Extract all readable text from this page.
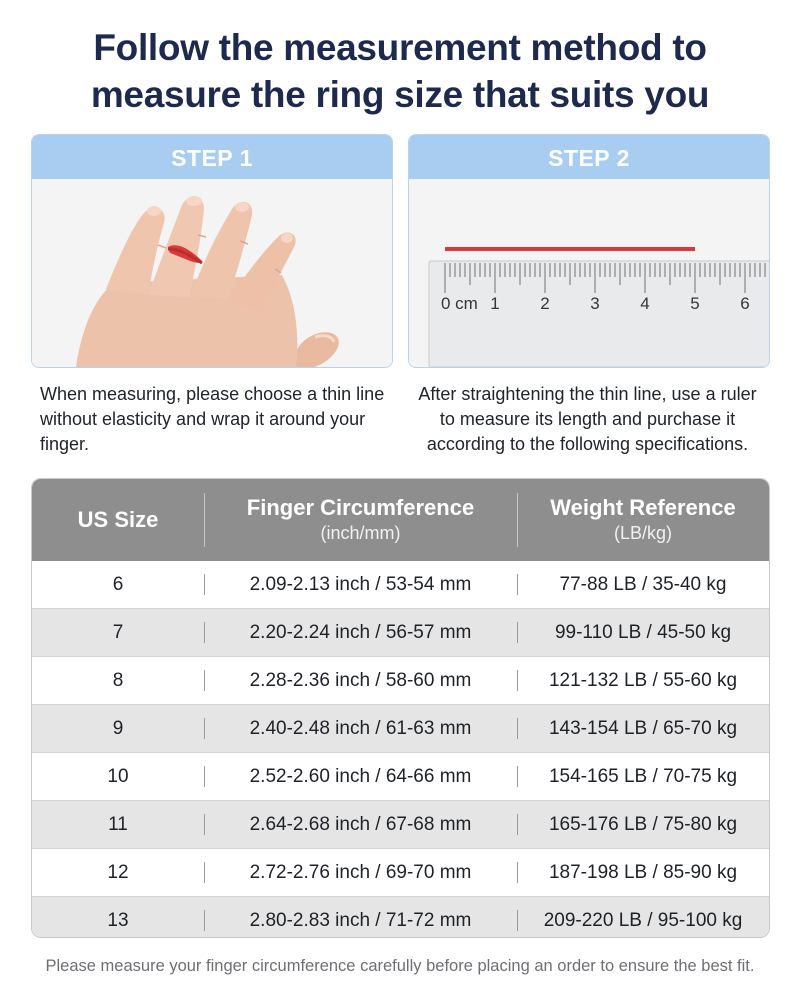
Follow the measurement method to
measure the ring size that suits you
STEP 1	STEP 2
0 cm 1 2 3 4 5 6
When measuring, please choose a thin line without elasticity and wrap it around your finger.
After straightening the thin line, use a ruler to measure its length and purchase it according to the following specifications.
US Size	Finger Circumference
(inch/mm)
Weight Reference
(LB/kg)
6	2.09-2.13 inch / 53-54 mm	77-88 LB / 35-40 kg
7	2.20-2.24 inch / 56-57 mm	99-110 LB / 45-50 kg
8	2.28-2.36 inch / 58-60 mm	121-132 LB / 55-60 kg
9	2.40-2.48 inch / 61-63 mm	143-154 LB / 65-70 kg
10	2.52-2.60 inch / 64-66 mm	154-165 LB / 70-75 kg
11	2.64-2.68 inch / 67-68 mm	165-176 LB / 75-80 kg
12	2.72-2.76 inch / 69-70 mm	187-198 LB / 85-90 kg
13	2.80-2.83 inch / 71-72 mm	209-220 LB / 95-100 kg
Please measure your finger circumference carefully before placing an order to ensure the best fit.
